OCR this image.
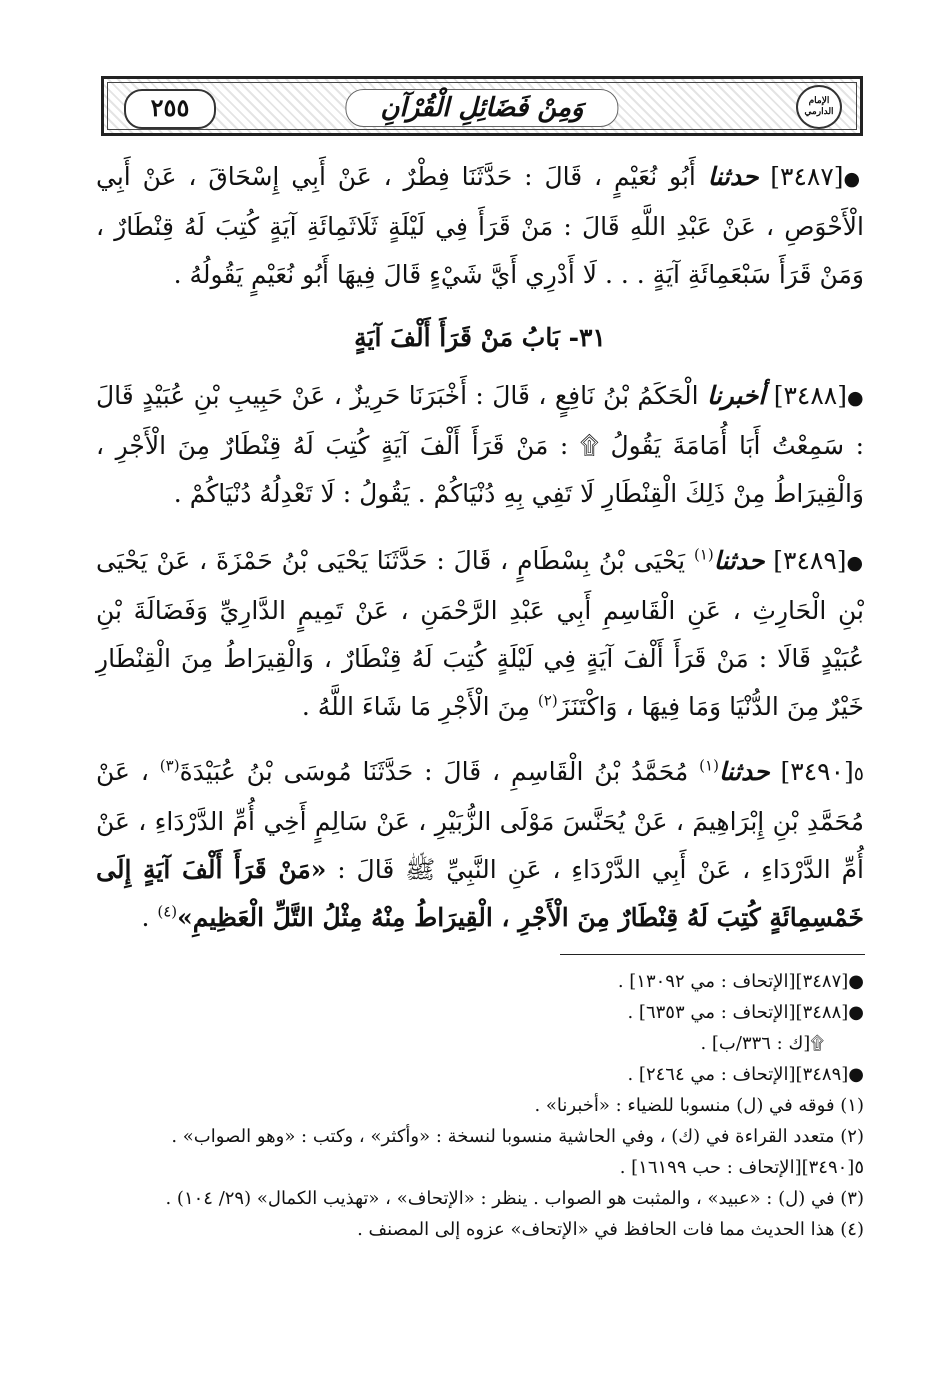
الإمام الدارمي
وَمِنْ فَضَائِلِ الْقُرْآنِ
٢٥٥
●[٣٤٨٧] حدثنا أَبُو نُعَيْمٍ ، قَالَ : حَدَّثَنَا فِطْرٌ ، عَنْ أَبِي إِسْحَاقَ ، عَنْ أَبِي الْأَحْوَصِ ، عَنْ عَبْدِ اللَّهِ قَالَ : مَنْ قَرَأَ فِي لَيْلَةٍ ثَلَاثَمِائَةِ آيَةٍ كُتِبَ لَهُ قِنْطَارٌ ، وَمَنْ قَرَأَ سَبْعَمِائَةِ آيَةٍ . . . لَا أَدْرِي أَيَّ شَيْءٍ قَالَ فِيهَا أَبُو نُعَيْمٍ يَقُولُهُ .
٣١- بَابُ مَنْ قَرَأَ أَلْفَ آيَةٍ
●[٣٤٨٨] أخبرنا الْحَكَمُ بْنُ نَافِعٍ ، قَالَ : أَخْبَرَنَا حَرِيزٌ ، عَنْ حَبِيبِ بْنِ عُبَيْدٍ قَالَ : سَمِعْتُ أَبَا أُمَامَةَ يَقُولُ ۩ : مَنْ قَرَأَ أَلْفَ آيَةٍ كُتِبَ لَهُ قِنْطَارٌ مِنَ الْأَجْرِ ، وَالْقِيرَاطُ مِنْ ذَلِكَ الْقِنْطَارِ لَا تَفِي بِهِ دُنْيَاكُمْ . يَقُولُ : لَا تَعْدِلُهُ دُنْيَاكُمْ .
●[٣٤٨٩] حدثنا$^{(١)}$ يَحْيَى بْنُ بِسْطَامٍ ، قَالَ : حَدَّثَنَا يَحْيَى بْنُ حَمْزَةَ ، عَنْ يَحْيَى بْنِ الْحَارِثِ ، عَنِ الْقَاسِمِ أَبِي عَبْدِ الرَّحْمَنِ ، عَنْ تَمِيمٍ الدَّارِيِّ وَفَضَالَةَ بْنِ عُبَيْدٍ قَالَا : مَنْ قَرَأَ أَلْفَ آيَةٍ فِي لَيْلَةٍ كُتِبَ لَهُ قِنْطَارٌ ، وَالْقِيرَاطُ مِنَ الْقِنْطَارِ خَيْرٌ مِنَ الدُّنْيَا وَمَا فِيهَا ، وَاكْتَنَزَ$^{(٢)}$ مِنَ الْأَجْرِ مَا شَاءَ اللَّهُ .
٥[٣٤٩٠] حدثنا$^{(١)}$ مُحَمَّدُ بْنُ الْقَاسِمِ ، قَالَ : حَدَّثَنَا مُوسَى بْنُ عُبَيْدَةَ$^{(٣)}$ ، عَنْ مُحَمَّدِ بْنِ إِبْرَاهِيمَ ، عَنْ يُحَنَّسَ مَوْلَى الزُّبَيْرِ ، عَنْ سَالِمٍ أَخِي أُمِّ الدَّرْدَاءِ ، عَنْ أُمِّ الدَّرْدَاءِ ، عَنْ أَبِي الدَّرْدَاءِ ، عَنِ النَّبِيِّ ﷺ قَالَ : «مَنْ قَرَأَ أَلْفَ آيَةٍ إِلَى خَمْسِمِائَةٍ كُتِبَ لَهُ قِنْطَارٌ مِنَ الْأَجْرِ ، الْقِيرَاطُ مِنْهُ مِثْلُ التَّلِّ الْعَظِيمِ»$^{(٤)}$ .
●[٣٤٨٧][الإتحاف : مي ١٣٠٩٢] .
●[٣٤٨٨][الإتحاف : مي ٦٣٥٣] .
۩[ك : ٣٣٦/ب] .
●[٣٤٨٩][الإتحاف : مي ٢٤٦٤] .
(١) فوقه في (ل) منسوبا للضياء : «أخبرنا» .
(٢) متعدد القراءة في (ك) ، وفي الحاشية منسوبا لنسخة : «وأكثر» ، وكتب : «وهو الصواب» .
٥[٣٤٩٠][الإتحاف : حب ١٦١٩٩] .
(٣) في (ل) : «عبيد» ، والمثبت هو الصواب . ينظر : «الإتحاف» ، «تهذيب الكمال» (٢٩/ ١٠٤) .
(٤) هذا الحديث مما فات الحافظ في «الإتحاف» عزوه إلى المصنف .
